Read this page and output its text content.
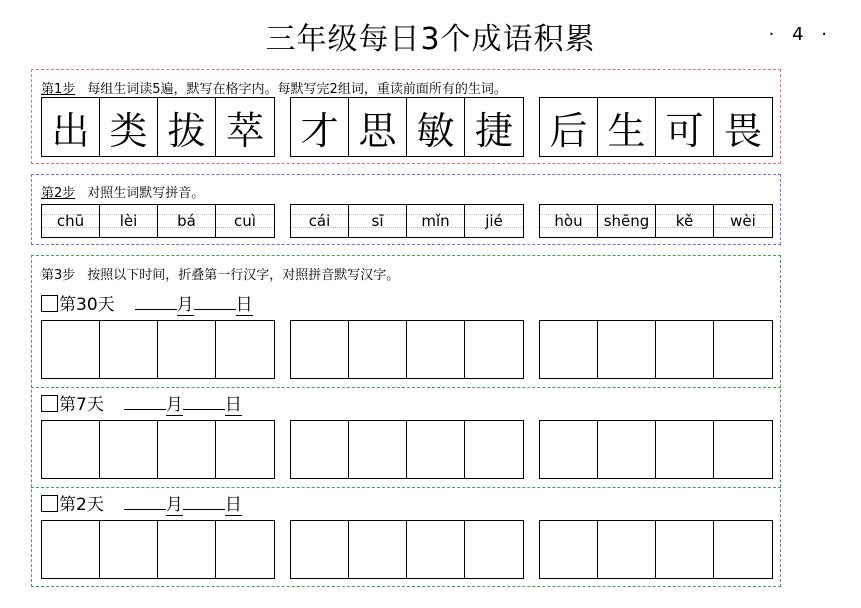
三年级每日3个成语积累	· 4 ·
第1步 每组生词读5遍，默写在格字内。每默写完2组词，重读前面所有的生词。
出 类 拔 萃 才 思 敏 捷 后 生 可 畏
第2步 对照生词默写拼音。
chū lèi	bá	cuì	cái	sī	mǐn jié	hòu shēng kě wèi
第3步 按照以下时间，折叠第一行汉字，对照拼音默写汉字。
第30天	月 日
第7天	月 日
第2天	月 日
